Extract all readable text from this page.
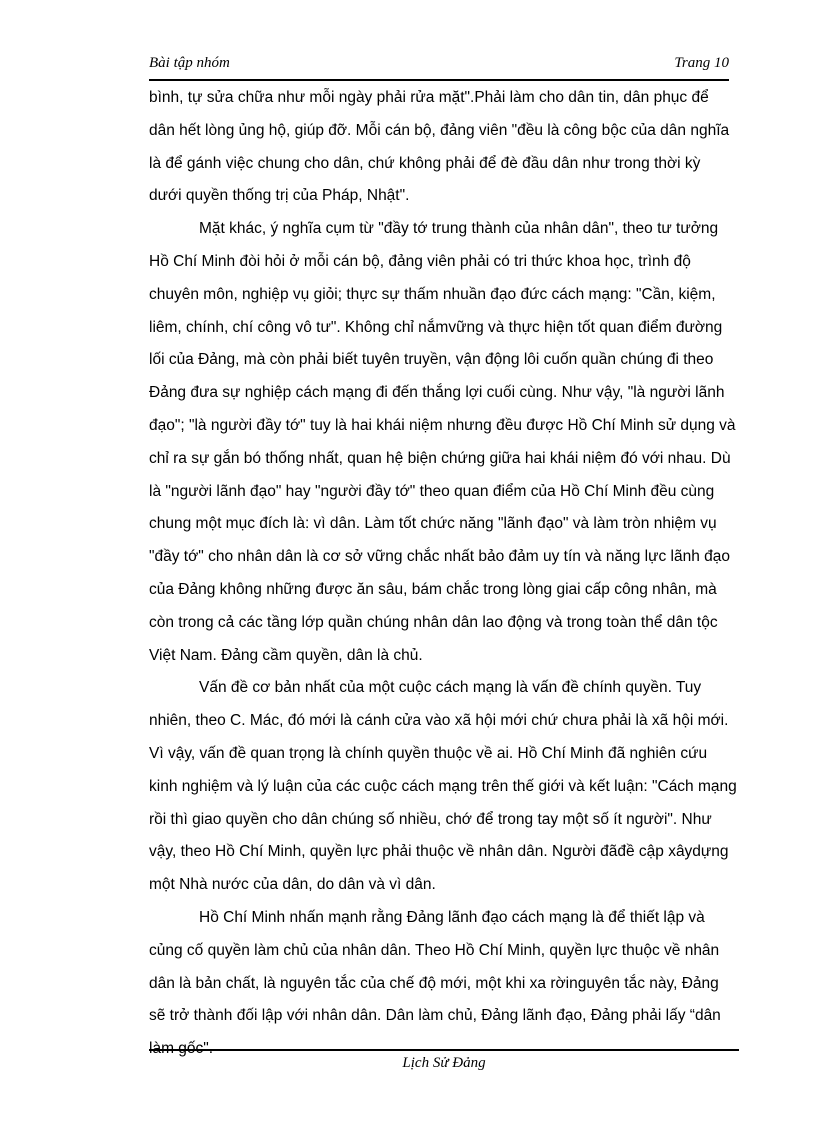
Bài tập nhóm	Trang 10

bình, tự sửa chữa như mỗi ngày phải rửa mặt".Phải làm cho dân tin, dân phục để dân hết lòng ủng hộ, giúp đỡ. Mỗi cán bộ, đảng viên "đều là công bộc của dân nghĩa là để gánh việc chung cho dân, chứ không phải để đè đầu dân như trong thời kỳ dưới quyền thống trị của Pháp, Nhật".

Mặt khác, ý nghĩa cụm từ "đầy tớ trung thành của nhân dân", theo tư tưởng Hồ Chí Minh đòi hỏi ở mỗi cán bộ, đảng viên phải có tri thức khoa học, trình độ chuyên môn, nghiệp vụ giỏi; thực sự thấm nhuần đạo đức cách mạng: "Cần, kiệm, liêm, chính, chí công vô tư". Không chỉ nắmvững và thực hiện tốt quan điểm đường lối của Đảng, mà còn phải biết tuyên truyền, vận động lôi cuốn quần chúng đi theo Đảng đưa sự nghiệp cách mạng đi đến thắng lợi cuối cùng. Như vậy, "là người lãnh đạo"; "là người đầy tớ" tuy là hai khái niệm nhưng đều được Hồ Chí Minh sử dụng và chỉ ra sự gắn bó thống nhất, quan hệ biện chứng giữa hai khái niệm đó với nhau. Dù là "người lãnh đạo" hay "người đầy tớ" theo quan điểm của Hồ Chí Minh đều cùng chung một mục đích là: vì dân. Làm tốt chức năng "lãnh đạo" và làm tròn nhiệm vụ "đầy tớ" cho nhân dân là cơ sở vững chắc nhất bảo đảm uy tín và năng lực lãnh đạo của Đảng không những được ăn sâu, bám chắc trong lòng giai cấp công nhân, mà còn trong cả các tầng lớp quần chúng nhân dân lao động và trong toàn thể dân tộc Việt Nam. Đảng cầm quyền, dân là chủ.

Vấn đề cơ bản nhất của một cuộc cách mạng là vấn đề chính quyền. Tuy nhiên, theo C. Mác, đó mới là cánh cửa vào xã hội mới chứ chưa phải là xã hội mới. Vì vậy, vấn đề quan trọng là chính quyền thuộc về ai. Hồ Chí Minh đã nghiên cứu kinh nghiệm và lý luận của các cuộc cách mạng trên thế giới và kết luận: "Cách mạng rồi thì giao quyền cho dân chúng số nhiều, chớ để trong tay một số ít người". Như vậy, theo Hồ Chí Minh, quyền lực phải thuộc về nhân dân. Người đãđề cập xâydựng một Nhà nước của dân, do dân và vì dân.

Hồ Chí Minh nhấn mạnh rằng Đảng lãnh đạo cách mạng là để thiết lập và củng cố quyền làm chủ của nhân dân. Theo Hồ Chí Minh, quyền lực thuộc về nhân dân là bản chất, là nguyên tắc của chế độ mới, một khi xa rờinguyên tắc này, Đảng sẽ trở thành đối lập với nhân dân. Dân làm chủ, Đảng lãnh đạo, Đảng phải lấy “dân làm gốc".

Lịch Sử Đảng
